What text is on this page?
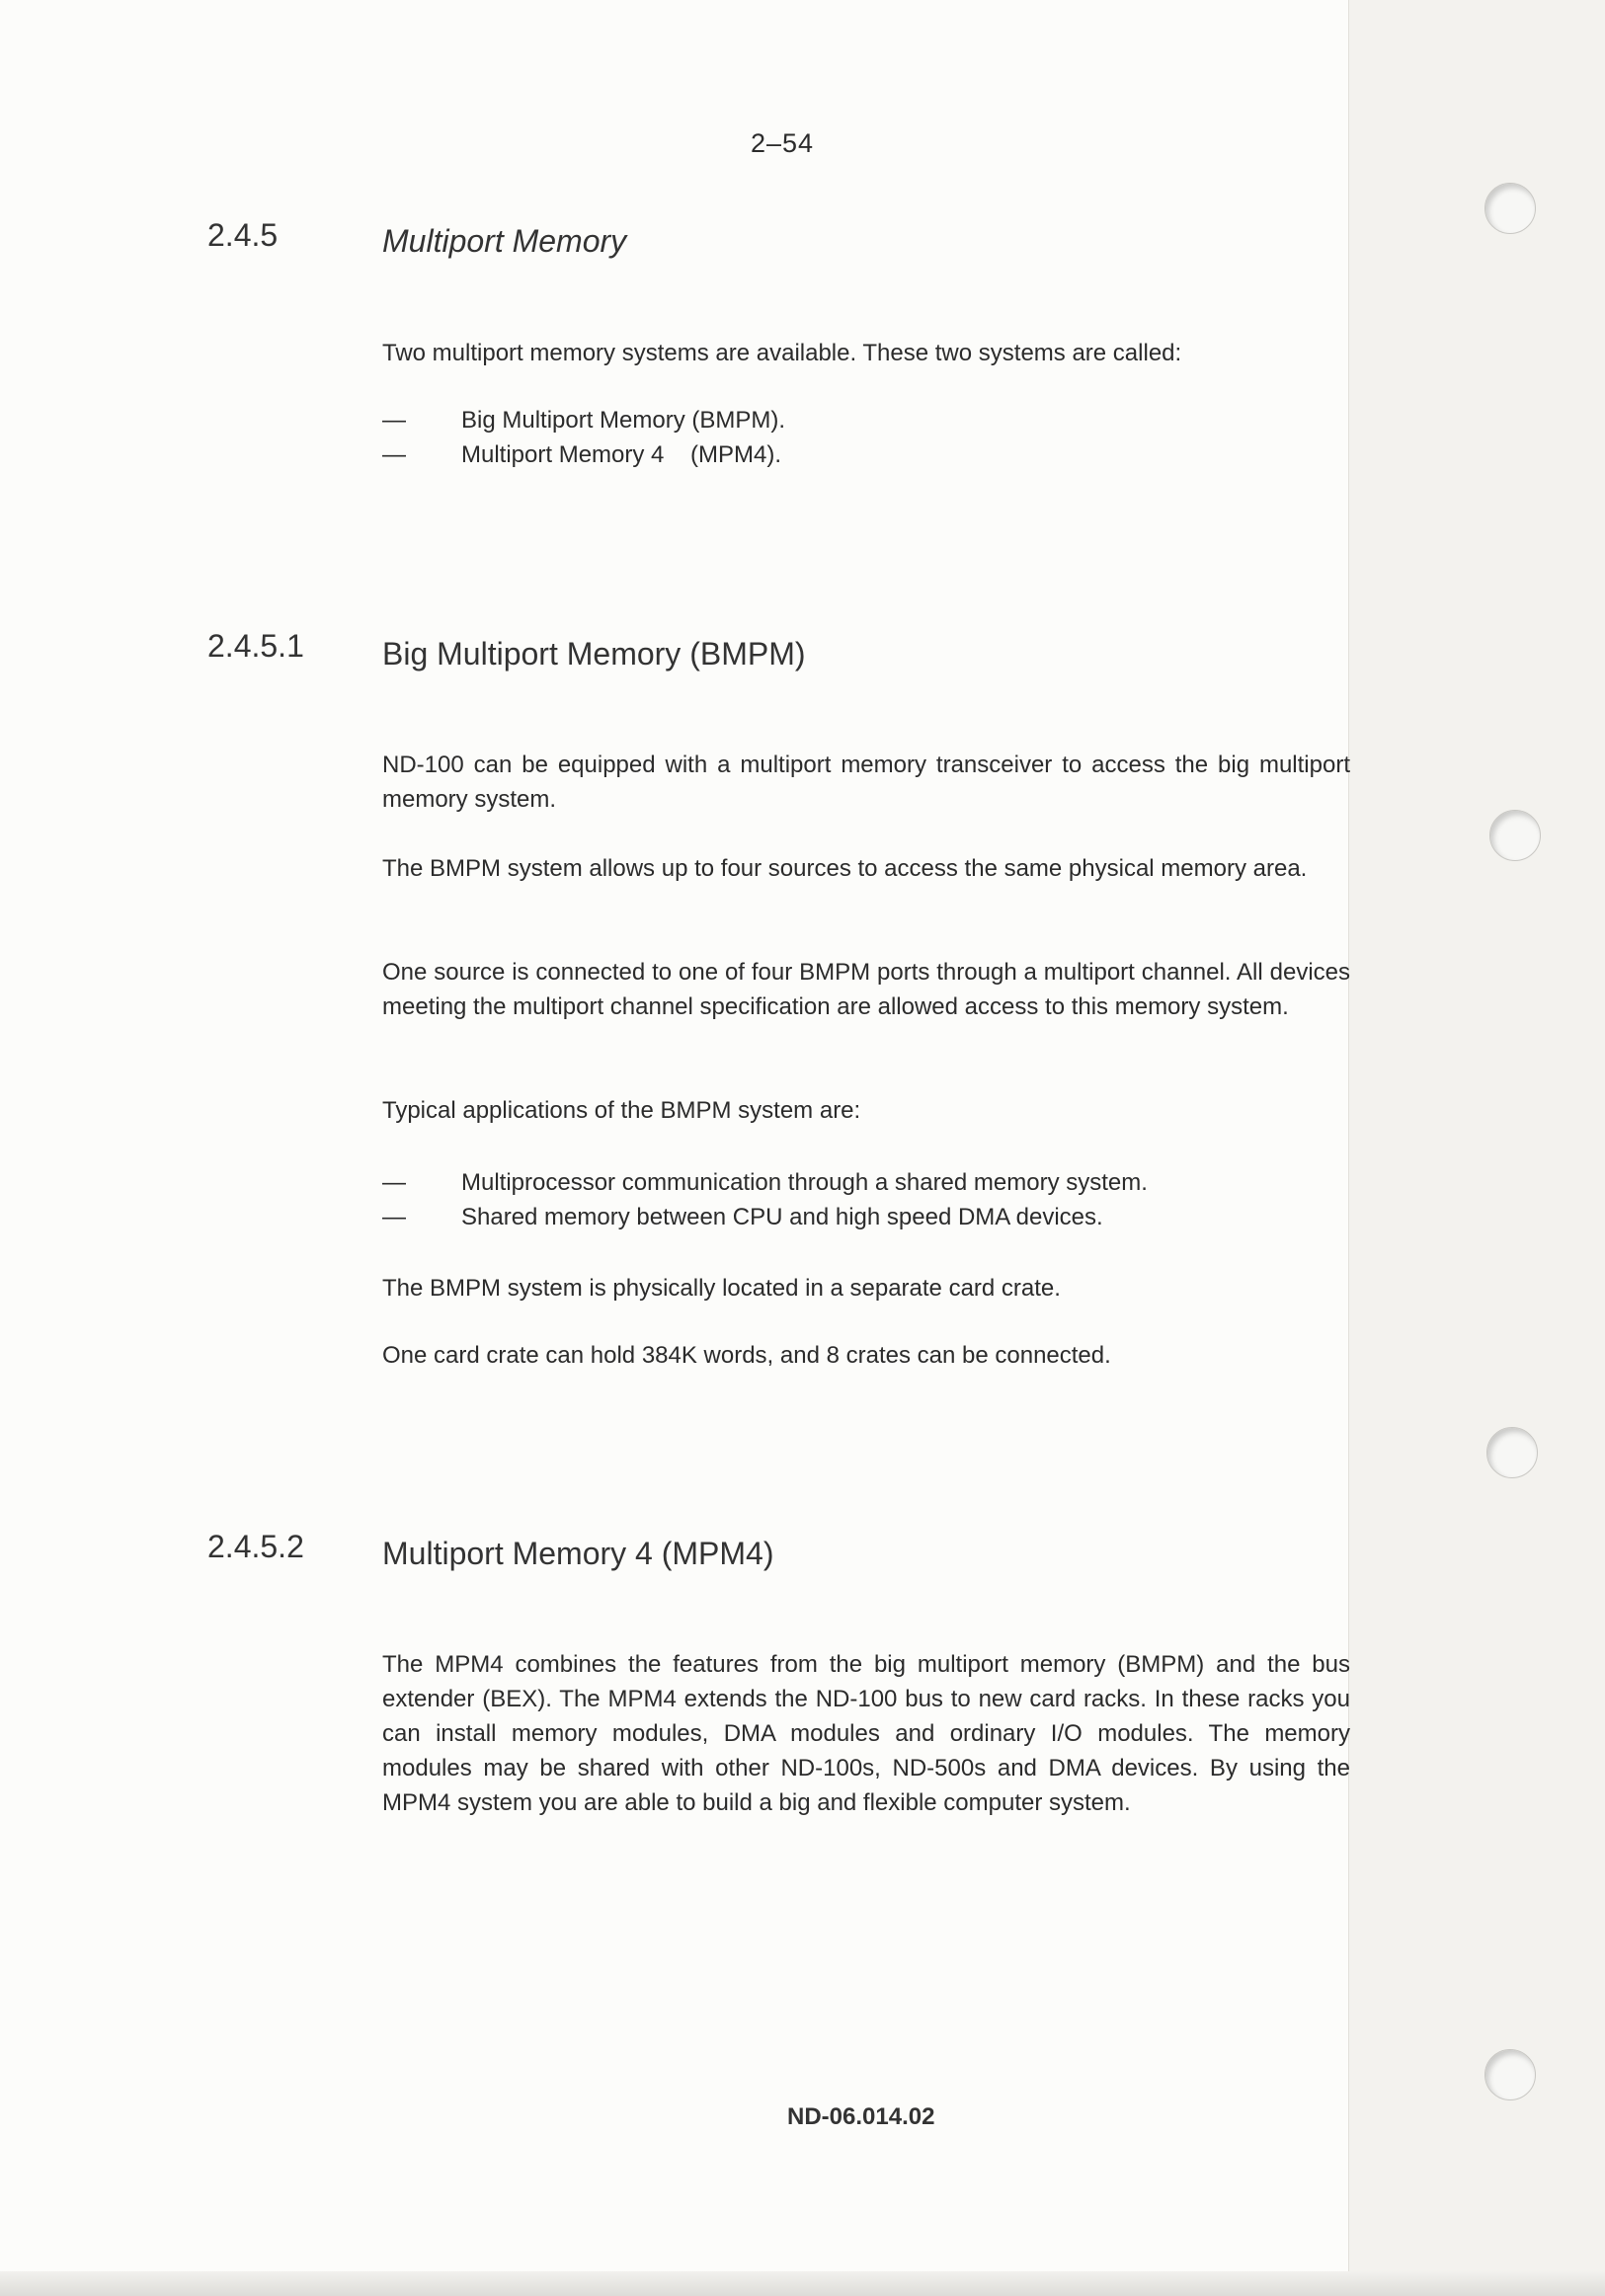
2–54
2.4.5	Multiport Memory

Two multiport memory systems are available. These two systems are called:

— Big Multiport Memory (BMPM).
— Multiport Memory 4    (MPM4).
2.4.5.1 Big Multiport Memory (BMPM)

ND-100 can be equipped with a multiport memory transceiver to access the big multiport memory system.

The BMPM system allows up to four sources to access the same physical memory area.

One source is connected to one of four BMPM ports through a multiport channel. All devices meeting the multiport channel specification are allowed access to this memory system.

Typical applications of the BMPM system are:

— Multiprocessor communication through a shared memory system.
— Shared memory between CPU and high speed DMA devices.

The BMPM system is physically located in a separate card crate.

One card crate can hold 384K words, and 8 crates can be connected.

2.4.5.2 Multiport Memory 4 (MPM4)

The MPM4 combines the features from the big multiport memory (BMPM) and the bus extender (BEX). The MPM4 extends the ND-100 bus to new card racks. In these racks you can install memory modules, DMA modules and ordinary I/O modules. The memory modules may be shared with other ND-100s, ND-500s and DMA devices. By using the MPM4 system you are able to build a big and flexible computer system.

ND-06.014.02
